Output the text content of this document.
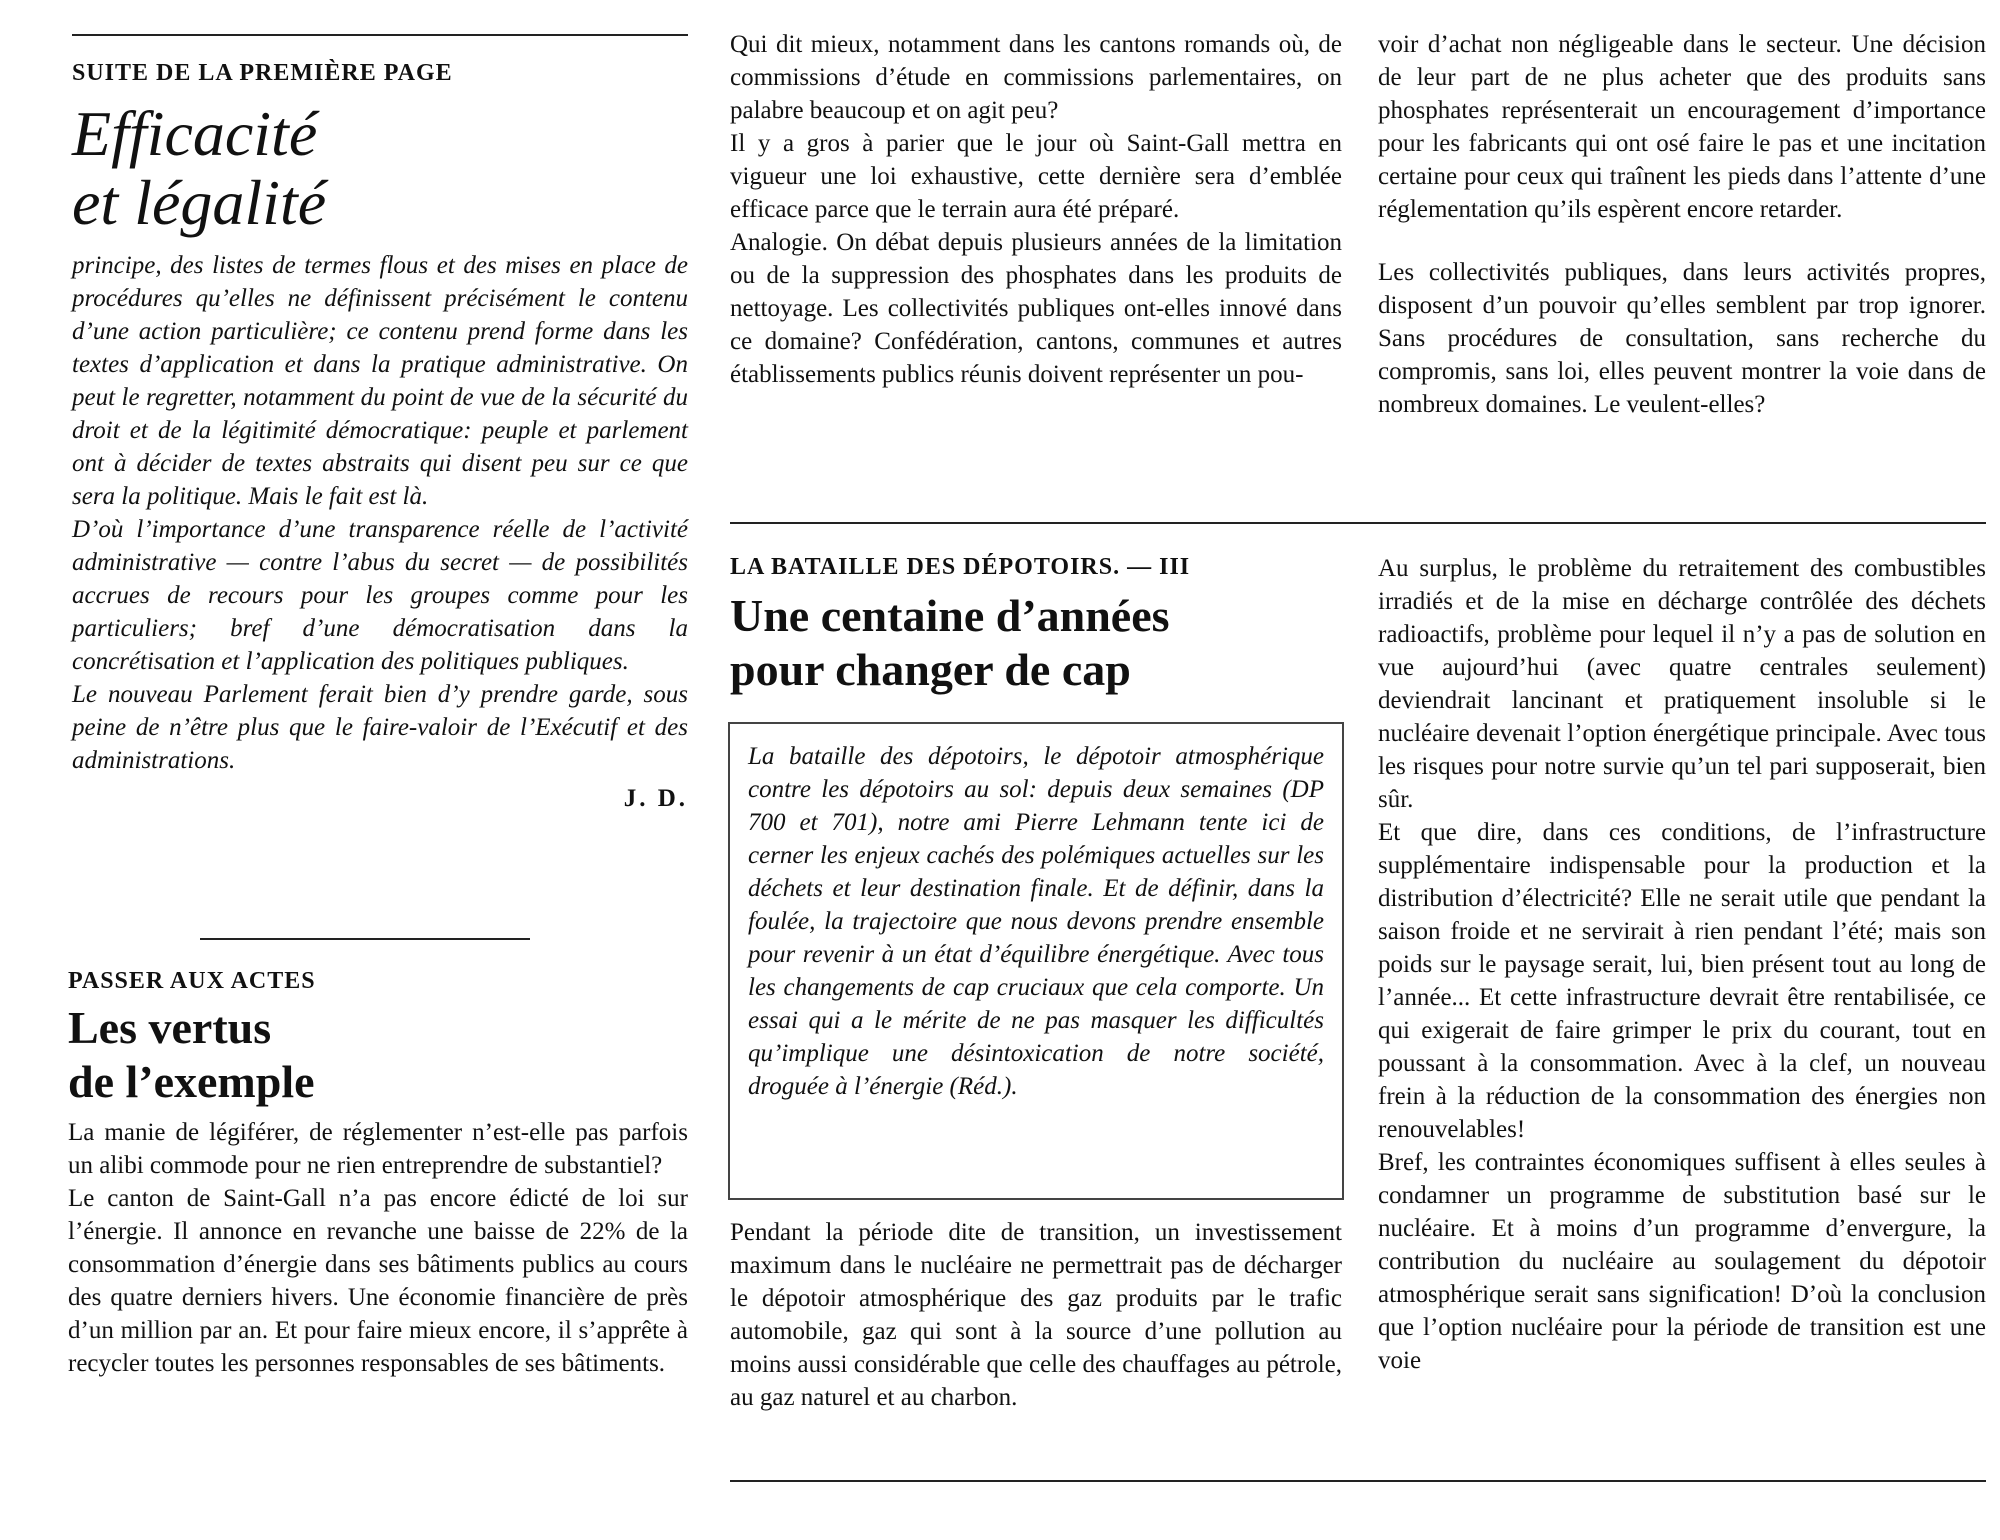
SUITE DE LA PREMIÈRE PAGE
Efficacité
et légalité

principe, des listes de termes flous et des mises en place de procédures qu’elles ne définissent précisément le contenu d’une action particulière; ce contenu prend forme dans les textes d’application et dans la pratique administrative. On peut le regretter, notamment du point de vue de la sécurité du droit et de la légitimité démocratique: peuple et parlement ont à décider de textes abstraits qui disent peu sur ce que sera la politique. Mais le fait est là.

D’où l’importance d’une transparence réelle de l’activité administrative — contre l’abus du secret — de possibilités accrues de recours pour les groupes comme pour les particuliers; bref d’une démocratisation dans la concrétisation et l’application des politiques publiques.

Le nouveau Parlement ferait bien d’y prendre garde, sous peine de n’être plus que le faire-valoir de l’Exécutif et des administrations.

J. D.
PASSER AUX ACTES
Les vertus
de l’exemple

La manie de légiférer, de réglementer n’est-elle pas parfois un alibi commode pour ne rien entreprendre de substantiel?

Le canton de Saint-Gall n’a pas encore édicté de loi sur l’énergie. Il annonce en revanche une baisse de 22% de la consommation d’énergie dans ses bâtiments publics au cours des quatre derniers hivers. Une économie financière de près d’un million par an. Et pour faire mieux encore, il s’apprête à recycler toutes les personnes responsables de ses bâtiments.

Qui dit mieux, notamment dans les cantons romands où, de commissions d’étude en commissions parlementaires, on palabre beaucoup et on agit peu?

Il y a gros à parier que le jour où Saint-Gall mettra en vigueur une loi exhaustive, cette dernière sera d’emblée efficace parce que le terrain aura été préparé.

Analogie. On débat depuis plusieurs années de la limitation ou de la suppression des phosphates dans les produits de nettoyage. Les collectivités publiques ont-elles innové dans ce domaine? Confédération, cantons, communes et autres établissements publics réunis doivent représenter un pou-

voir d’achat non négligeable dans le secteur. Une décision de leur part de ne plus acheter que des produits sans phosphates représenterait un encouragement d’importance pour les fabricants qui ont osé faire le pas et une incitation certaine pour ceux qui traînent les pieds dans l’attente d’une réglementation qu’ils espèrent encore retarder.

Les collectivités publiques, dans leurs activités propres, disposent d’un pouvoir qu’elles semblent par trop ignorer. Sans procédures de consultation, sans recherche du compromis, sans loi, elles peuvent montrer la voie dans de nombreux domaines. Le veulent-elles?

LA BATAILLE DES DÉPOTOIRS. — III
Une centaine d’années
pour changer de cap
La bataille des dépotoirs, le dépotoir atmosphérique contre les dépotoirs au sol: depuis deux semaines (DP 700 et 701), notre ami Pierre Lehmann tente ici de cerner les enjeux cachés des polémiques actuelles sur les déchets et leur destination finale. Et de définir, dans la foulée, la trajectoire que nous devons prendre ensemble pour revenir à un état d’équilibre énergétique. Avec tous les changements de cap cruciaux que cela comporte. Un essai qui a le mérite de ne pas masquer les difficultés qu’implique une désintoxication de notre société, droguée à l’énergie (Réd.).

Pendant la période dite de transition, un investissement maximum dans le nucléaire ne permettrait pas de décharger le dépotoir atmosphérique des gaz produits par le trafic automobile, gaz qui sont à la source d’une pollution au moins aussi considérable que celle des chauffages au pétrole, au gaz naturel et au charbon.

Au surplus, le problème du retraitement des combustibles irradiés et de la mise en décharge contrôlée des déchets radioactifs, problème pour lequel il n’y a pas de solution en vue aujourd’hui (avec quatre centrales seulement) deviendrait lancinant et pratiquement insoluble si le nucléaire devenait l’option énergétique principale. Avec tous les risques pour notre survie qu’un tel pari supposerait, bien sûr.

Et que dire, dans ces conditions, de l’infrastructure supplémentaire indispensable pour la production et la distribution d’électricité? Elle ne serait utile que pendant la saison froide et ne servirait à rien pendant l’été; mais son poids sur le paysage serait, lui, bien présent tout au long de l’année... Et cette infrastructure devrait être rentabilisée, ce qui exigerait de faire grimper le prix du courant, tout en poussant à la consommation. Avec à la clef, un nouveau frein à la réduction de la consommation des énergies non renouvelables!

Bref, les contraintes économiques suffisent à elles seules à condamner un programme de substitution basé sur le nucléaire. Et à moins d’un programme d’envergure, la contribution du nucléaire au soulagement du dépotoir atmosphérique serait sans signification! D’où la conclusion que l’option nucléaire pour la période de transition est une voie
